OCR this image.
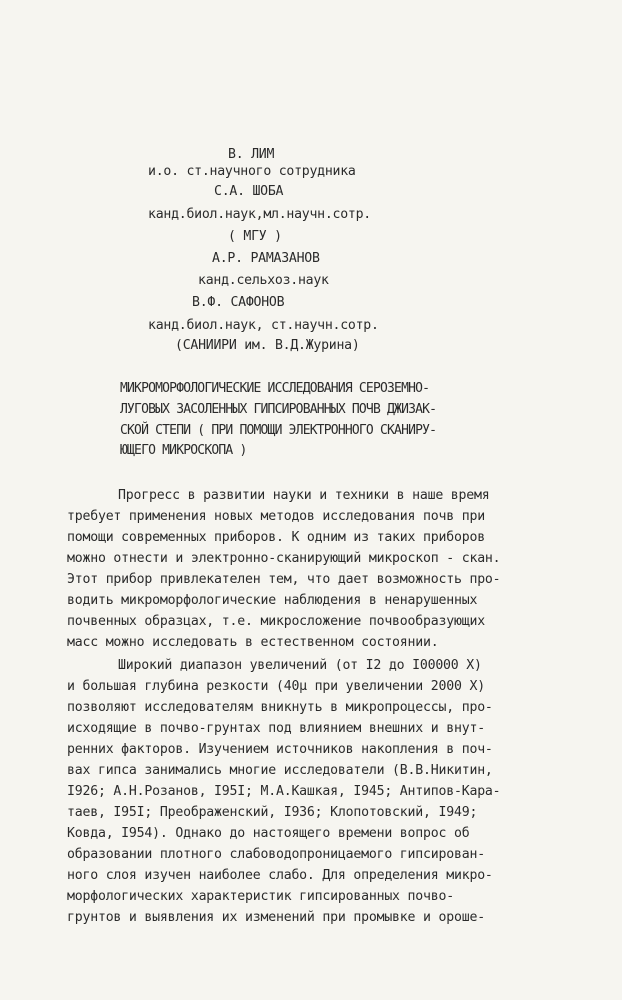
В. ЛИМ
и.о. ст.научного сотрудника
С.А. ШОБА
канд.биол.наук,мл.научн.сотр.
( МГУ )
А.Р. РАМАЗАНОВ
канд.сельхоз.наук
В.Ф. САФОНОВ
канд.биол.наук, ст.научн.сотр.
(САНИИРИ им. В.Д.Журина)
МИКРОМОРФОЛОГИЧЕСКИЕ ИССЛЕДОВАНИЯ СЕРОЗЕМНО-
ЛУГОВЫХ ЗАСОЛЕННЫХ ГИПСИРОВАННЫХ ПОЧВ ДЖИЗАК-
СКОЙ СТЕПИ ( ПРИ ПОМОЩИ ЭЛЕКТРОННОГО СКАНИРУ-
ЮЩЕГО МИКРОСКОПА )
Прогресс в развитии науки и техники в наше время
требует применения новых методов исследования почв при
помощи современных приборов. К одним из таких приборов
можно отнести и электронно-сканирующий микроскоп - скан.
Этот прибор привлекателен тем, что дает возможность про-
водить микроморфологические наблюдения в ненарушенных
почвенных образцах, т.е. микросложение почвообразующих
масс можно исследовать в естественном состоянии.
Широкий диапазон увеличений (от I2 до I00000 X)
и большая глубина резкости (40μ при увеличении 2000 X)
позволяют исследователям вникнуть в микропроцессы, про-
исходящие в почво-грунтах под влиянием внешних и внут-
ренних факторов. Изучением источников накопления в поч-
вах гипса занимались многие исследователи (В.В.Никитин,
I926; А.Н.Розанов, I95I; М.А.Кашкая, I945; Антипов-Кара-
таев, I95I; Преображенский, I936; Клопотовский, I949;
Ковда, I954). Однако до настоящего времени вопрос об
образовании плотного слабоводопроницаемого гипсирован-
ного слоя изучен наиболее слабо. Для определения микро-
морфологических характеристик гипсированных почво-
грунтов и выявления их изменений при промывке и ороше-
